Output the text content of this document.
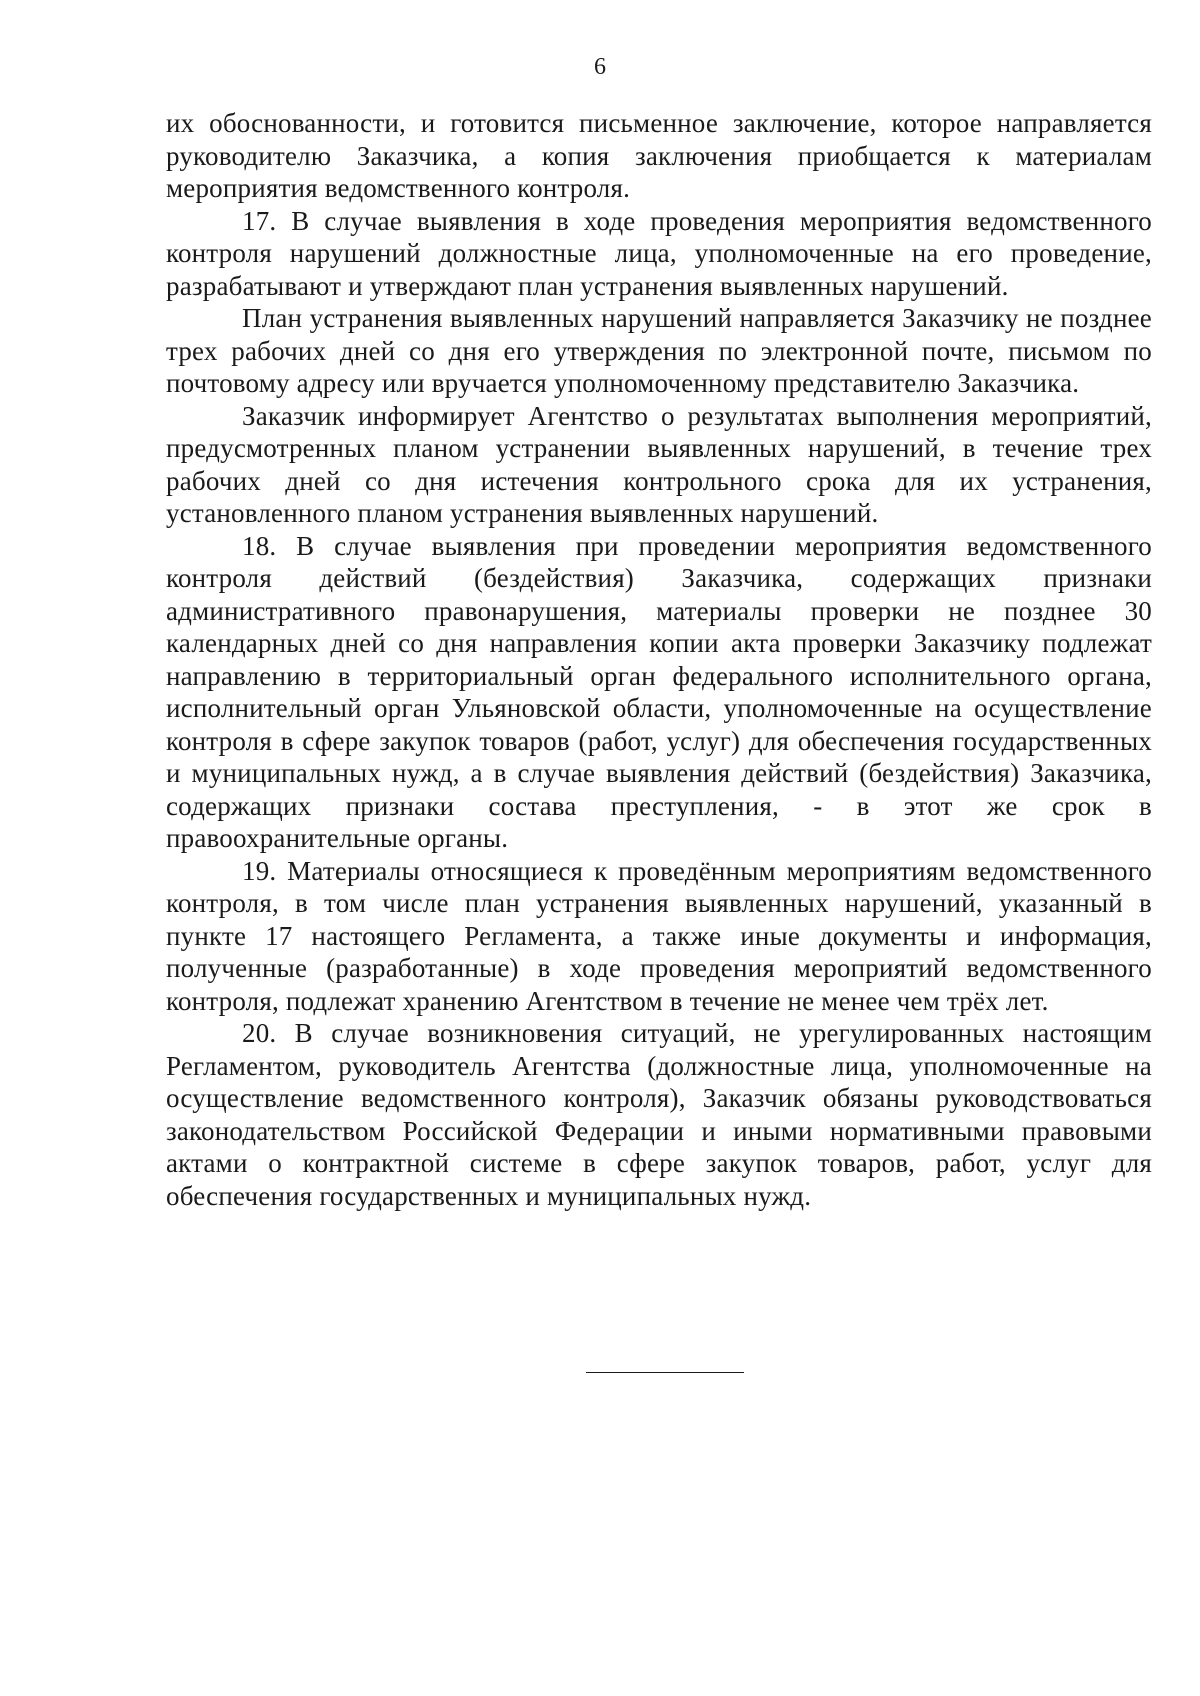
6

их обоснованности, и готовится письменное заключение, которое направляется руководителю Заказчика, а копия заключения приобщается к материалам мероприятия ведомственного контроля.

17. В случае выявления в ходе проведения мероприятия ведомственного контроля нарушений должностные лица, уполномоченные на его проведение, разрабатывают и утверждают план устранения выявленных нарушений.

План устранения выявленных нарушений направляется Заказчику не позднее трех рабочих дней со дня его утверждения по электронной почте, письмом по почтовому адресу или вручается уполномоченному представителю Заказчика.

Заказчик информирует Агентство о результатах выполнения мероприятий, предусмотренных планом устранении выявленных нарушений, в течение трех рабочих дней со дня истечения контрольного срока для их устранения, установленного планом устранения выявленных нарушений.

18. В случае выявления при проведении мероприятия ведомственного контроля действий (бездействия) Заказчика, содержащих признаки административного правонарушения, материалы проверки не позднее 30 календарных дней со дня направления копии акта проверки Заказчику подлежат направлению в территориальный орган федерального исполнительного органа, исполнительный орган Ульяновской области, уполномоченные на осуществление контроля в сфере закупок товаров (работ, услуг) для обеспечения государственных и муниципальных нужд, а в случае выявления действий (бездействия) Заказчика, содержащих признаки состава преступления, - в этот же срок в правоохранительные органы.

19. Материалы относящиеся к проведённым мероприятиям ведомственного контроля, в том числе план устранения выявленных нарушений, указанный в пункте 17 настоящего Регламента, а также иные документы и информация, полученные (разработанные) в ходе проведения мероприятий ведомственного контроля, подлежат хранению Агентством в течение не менее чем трёх лет.

20. В случае возникновения ситуаций, не урегулированных настоящим Регламентом, руководитель Агентства (должностные лица, уполномоченные на осуществление ведомственного контроля), Заказчик обязаны руководствоваться законодательством Российской Федерации и иными нормативными правовыми актами о контрактной системе в сфере закупок товаров, работ, услуг для обеспечения государственных и муниципальных нужд.
